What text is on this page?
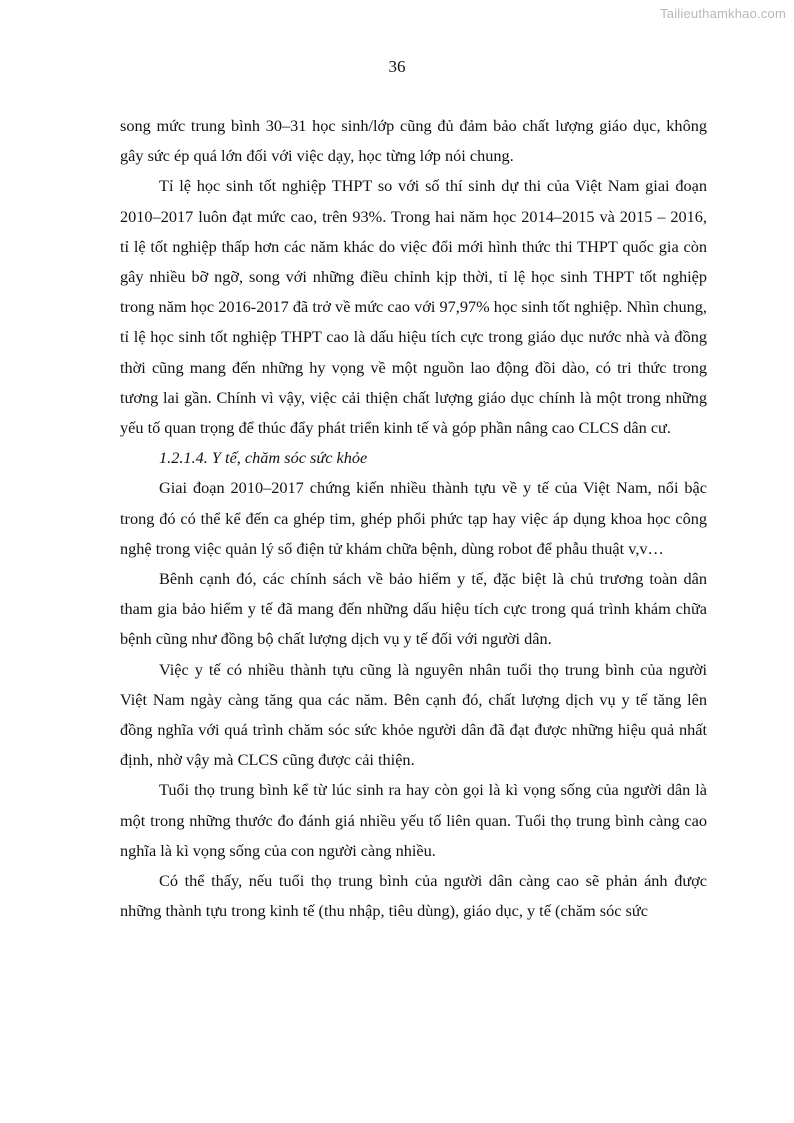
Tailieuthamkhao.com
36

song mức trung bình 30–31 học sinh/lớp cũng đủ đảm bảo chất lượng giáo dục, không gây sức ép quá lớn đối với việc dạy, học từng lớp nói chung.

Tỉ lệ học sinh tốt nghiệp THPT so với số thí sinh dự thi của Việt Nam giai đoạn 2010–2017 luôn đạt mức cao, trên 93%. Trong hai năm học 2014–2015 và 2015 – 2016, tỉ lệ tốt nghiệp thấp hơn các năm khác do việc đổi mới hình thức thi THPT quốc gia còn gây nhiều bỡ ngỡ, song với những điều chỉnh kịp thời, tỉ lệ học sinh THPT tốt nghiệp trong năm học 2016-2017 đã trở về mức cao với 97,97% học sinh tốt nghiệp. Nhìn chung, tỉ lệ học sinh tốt nghiệp THPT cao là dấu hiệu tích cực trong giáo dục nước nhà và đồng thời cũng mang đến những hy vọng về một nguồn lao động đồi dào, có tri thức trong tương lai gần. Chính vì vậy, việc cải thiện chất lượng giáo dục chính là một trong những yếu tố quan trọng để thúc đẩy phát triển kinh tế và góp phần nâng cao CLCS dân cư.

1.2.1.4. Y tế, chăm sóc sức khỏe

Giai đoạn 2010–2017 chứng kiến nhiều thành tựu về y tế của Việt Nam, nổi bậc trong đó có thể kể đến ca ghép tim, ghép phổi phức tạp hay việc áp dụng khoa học công nghệ trong việc quản lý sổ điện tử khám chữa bệnh, dùng robot để phẫu thuật v,v…

Bênh cạnh đó, các chính sách về bảo hiểm y tế, đặc biệt là chủ trương toàn dân tham gia bảo hiểm y tế đã mang đến những dấu hiệu tích cực trong quá trình khám chữa bệnh cũng như đồng bộ chất lượng dịch vụ y tế đối với người dân.

Việc y tế có nhiều thành tựu cũng là nguyên nhân tuổi thọ trung bình của người Việt Nam ngày càng tăng qua các năm. Bên cạnh đó, chất lượng dịch vụ y tế tăng lên đồng nghĩa với quá trình chăm sóc sức khỏe người dân đã đạt được những hiệu quả nhất định, nhờ vậy mà CLCS cũng được cải thiện.

Tuổi thọ trung bình kể từ lúc sinh ra hay còn gọi là kì vọng sống của người dân là một trong những thước đo đánh giá nhiều yếu tố liên quan. Tuổi thọ trung bình càng cao nghĩa là kì vọng sống của con người càng nhiều.

Có thể thấy, nếu tuổi thọ trung bình của người dân càng cao sẽ phản ánh được những thành tựu trong kinh tế (thu nhập, tiêu dùng), giáo dục, y tế (chăm sóc sức
